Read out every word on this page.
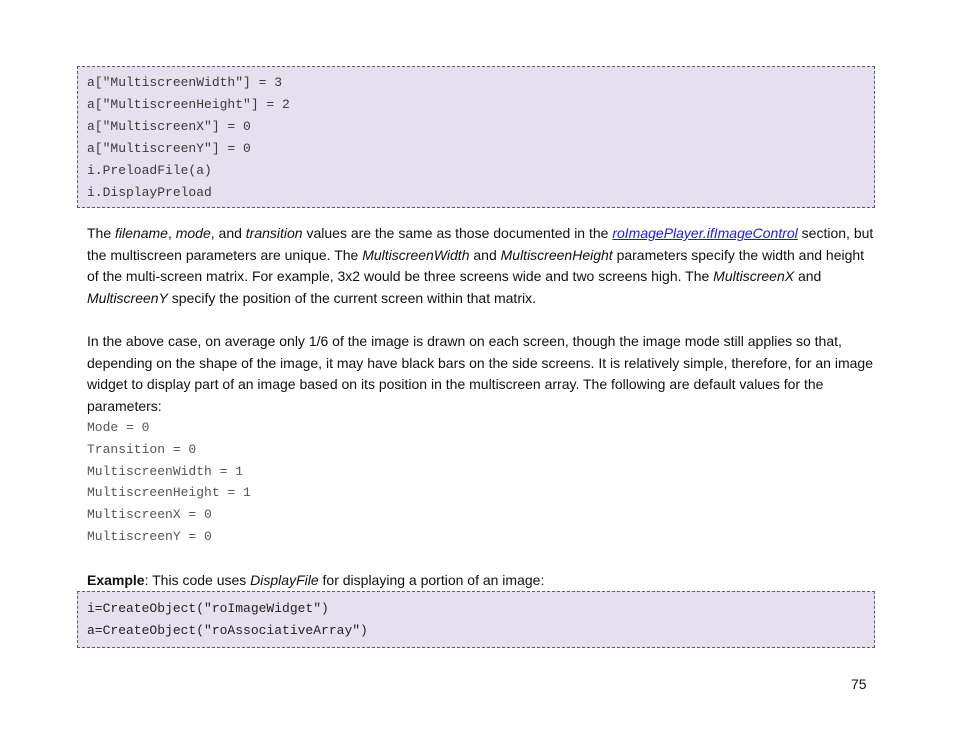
a["MultiscreenWidth"] = 3
a["MultiscreenHeight"] = 2
a["MultiscreenX"] = 0
a["MultiscreenY"] = 0
i.PreloadFile(a)
i.DisplayPreload

The filename, mode, and transition values are the same as those documented in the roImagePlayer.ifImageControl section, but the multiscreen parameters are unique. The MultiscreenWidth and MultiscreenHeight parameters specify the width and height of the multi-screen matrix. For example, 3x2 would be three screens wide and two screens high. The MultiscreenX and MultiscreenY specify the position of the current screen within that matrix.

In the above case, on average only 1/6 of the image is drawn on each screen, though the image mode still applies so that, depending on the shape of the image, it may have black bars on the side screens. It is relatively simple, therefore, for an image widget to display part of an image based on its position in the multiscreen array. The following are default values for the parameters:

Mode = 0
Transition = 0
MultiscreenWidth = 1
MultiscreenHeight = 1
MultiscreenX = 0
MultiscreenY = 0

Example: This code uses DisplayFile for displaying a portion of an image:

i=CreateObject("roImageWidget")
a=CreateObject("roAssociativeArray")
75
